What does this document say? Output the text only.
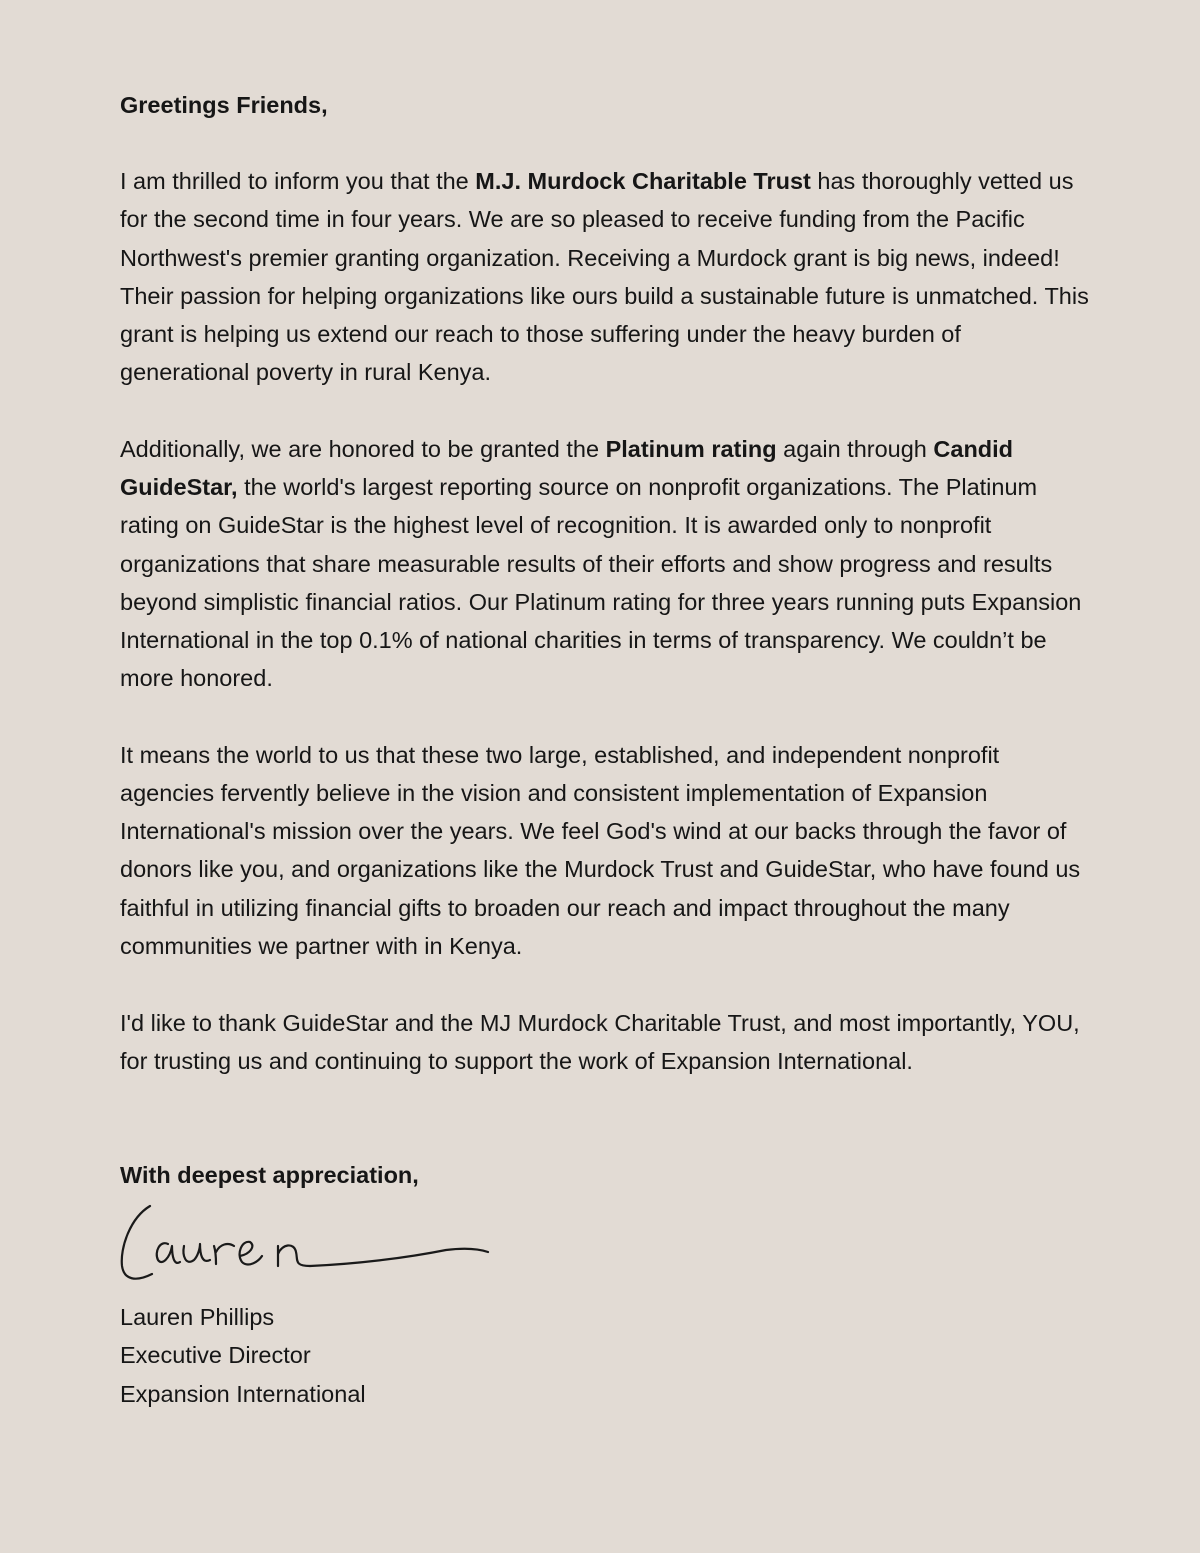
Greetings Friends,

I am thrilled to inform you that the M.J. Murdock Charitable Trust has thoroughly vetted us for the second time in four years. We are so pleased to receive funding from the Pacific Northwest's premier granting organization. Receiving a Murdock grant is big news, indeed! Their passion for helping organizations like ours build a sustainable future is unmatched. This grant is helping us extend our reach to those suffering under the heavy burden of generational poverty in rural Kenya.

Additionally, we are honored to be granted the Platinum rating again through Candid GuideStar, the world's largest reporting source on nonprofit organizations. The Platinum rating on GuideStar is the highest level of recognition. It is awarded only to nonprofit organizations that share measurable results of their efforts and show progress and results beyond simplistic financial ratios. Our Platinum rating for three years running puts Expansion International in the top 0.1% of national charities in terms of transparency. We couldn’t be more honored.

It means the world to us that these two large, established, and independent nonprofit agencies fervently believe in the vision and consistent implementation of Expansion International's mission over the years. We feel God's wind at our backs through the favor of donors like you, and organizations like the Murdock Trust and GuideStar, who have found us faithful in utilizing financial gifts to broaden our reach and impact throughout the many communities we partner with in Kenya.

I'd like to thank GuideStar and the MJ Murdock Charitable Trust, and most importantly, YOU, for trusting us and continuing to support the work of Expansion International.

With deepest appreciation,

Lauren Phillips
Executive Director
Expansion International
